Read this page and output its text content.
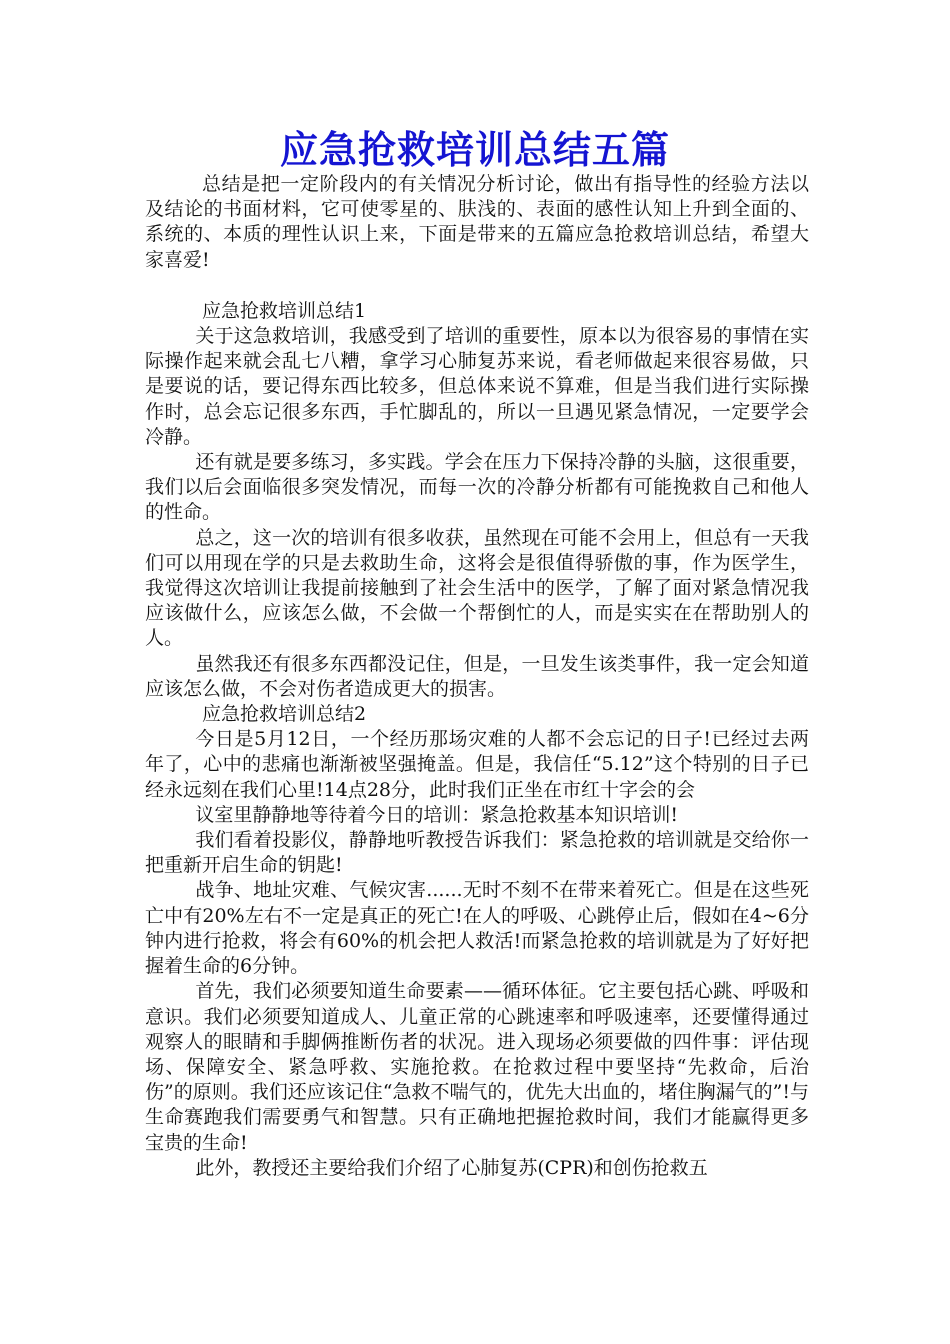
应急抢救培训总结五篇

总结是把一定阶段内的有关情况分析讨论，做出有指导性的经验方法以及结论的书面材料，它可使零星的、肤浅的、表面的感性认知上升到全面的、系统的、本质的理性认识上来，下面是带来的五篇应急抢救培训总结，希望大家喜爱!

应急抢救培训总结1

关于这急救培训，我感受到了培训的重要性，原本以为很容易的事情在实际操作起来就会乱七八糟，拿学习心肺复苏来说，看老师做起来很容易做，只是要说的话，要记得东西比较多，但总体来说不算难，但是当我们进行实际操作时，总会忘记很多东西，手忙脚乱的，所以一旦遇见紧急情况，一定要学会冷静。

还有就是要多练习，多实践。学会在压力下保持冷静的头脑，这很重要，我们以后会面临很多突发情况，而每一次的冷静分析都有可能挽救自己和他人的性命。

总之，这一次的培训有很多收获，虽然现在可能不会用上，但总有一天我们可以用现在学的只是去救助生命，这将会是很值得骄傲的事，作为医学生，我觉得这次培训让我提前接触到了社会生活中的医学，了解了面对紧急情况我应该做什么，应该怎么做，不会做一个帮倒忙的人，而是实实在在帮助别人的人。

虽然我还有很多东西都没记住，但是，一旦发生该类事件，我一定会知道应该怎么做，不会对伤者造成更大的损害。

应急抢救培训总结2

今日是5月12日，一个经历那场灾难的人都不会忘记的日子!已经过去两年了，心中的悲痛也渐渐被坚强掩盖。但是，我信任“5.12”这个特别的日子已经永远刻在我们心里!14点28分，此时我们正坐在市红十字会的会

议室里静静地等待着今日的培训：紧急抢救基本知识培训!

我们看着投影仪，静静地听教授告诉我们：紧急抢救的培训就是交给你一把重新开启生命的钥匙!

战争、地址灾难、气候灾害......无时不刻不在带来着死亡。但是在这些死亡中有20%左右不一定是真正的死亡!在人的呼吸、心跳停止后，假如在4~6分钟内进行抢救，将会有60%的机会把人救活!而紧急抢救的培训就是为了好好把握着生命的6分钟。

首先，我们必须要知道生命要素——循环体征。它主要包括心跳、呼吸和意识。我们必须要知道成人、儿童正常的心跳速率和呼吸速率，还要懂得通过观察人的眼睛和手脚俩推断伤者的状况。进入现场必须要做的四件事：评估现场、保障安全、紧急呼救、实施抢救。在抢救过程中要坚持“先救命，后治伤”的原则。我们还应该记住“急救不喘气的，优先大出血的，堵住胸漏气的”!与生命赛跑我们需要勇气和智慧。只有正确地把握抢救时间，我们才能赢得更多宝贵的生命!

此外，教授还主要给我们介绍了心肺复苏(CPR)和创伤抢救五
